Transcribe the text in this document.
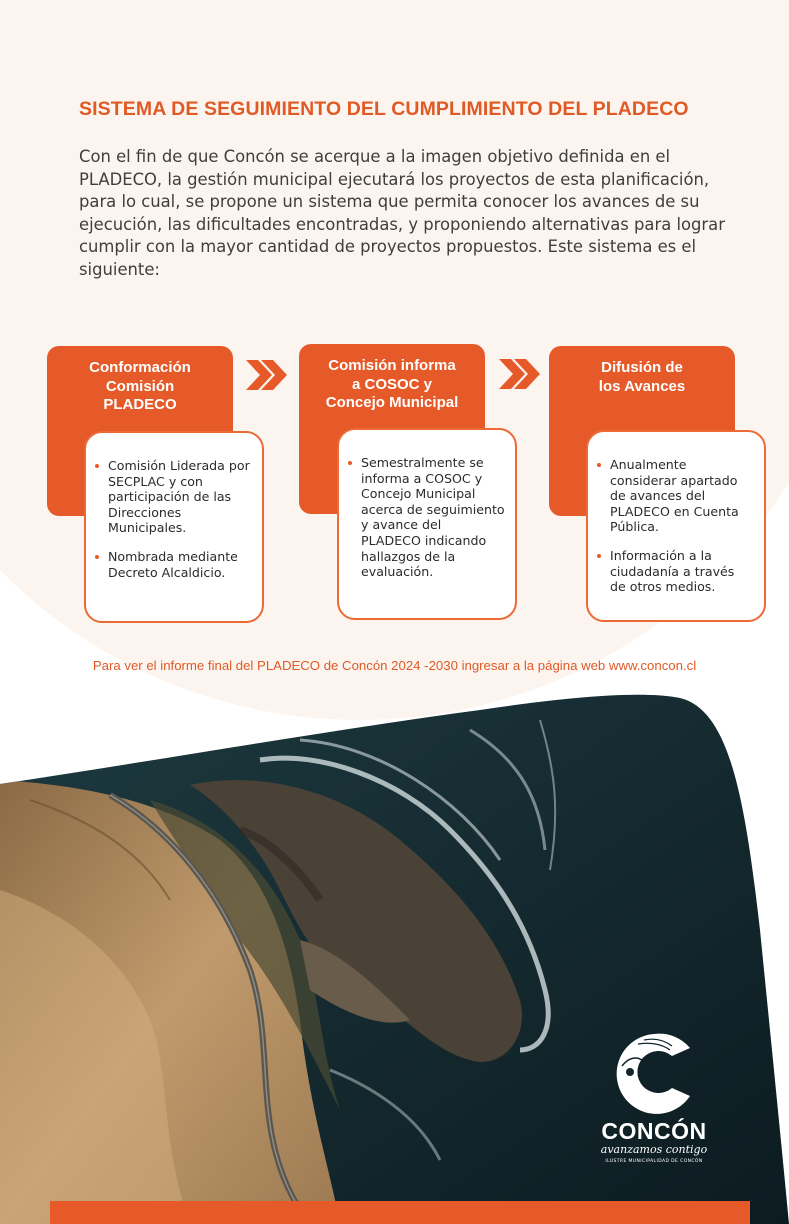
SISTEMA DE SEGUIMIENTO DEL CUMPLIMIENTO DEL PLADECO

Con el fin de que Concón se acerque a la imagen objetivo definida en el PLADECO, la gestión municipal ejecutará los proyectos de esta planificación, para lo cual, se propone un sistema que permita conocer los avances de su ejecución, las dificultades encontradas, y proponiendo alternativas para lograr cumplir con la mayor cantidad de proyectos propuestos. Este sistema es el siguiente:

Conformación
Comisión
PLADECO
Comisión Liderada por SECPLAC y con participación de las Direcciones Municipales.
Nombrada mediante Decreto Alcaldicio.
Comisión informa
a COSOC y
Concejo Municipal
Semestralmente se informa a COSOC y Concejo Municipal acerca de seguimiento y avance del PLADECO indicando hallazgos de la evaluación.
Difusión de
los Avances
Anualmente considerar apartado de avances del PLADECO en Cuenta Pública.
Información a la ciudadanía a través de otros medios.

Para ver el informe final del PLADECO de Concón 2024 -2030 ingresar a la página web www.concon.cl

CONCÓN

avanzamos contigo

ILUSTRE MUNICIPALIDAD DE CONCÓN
